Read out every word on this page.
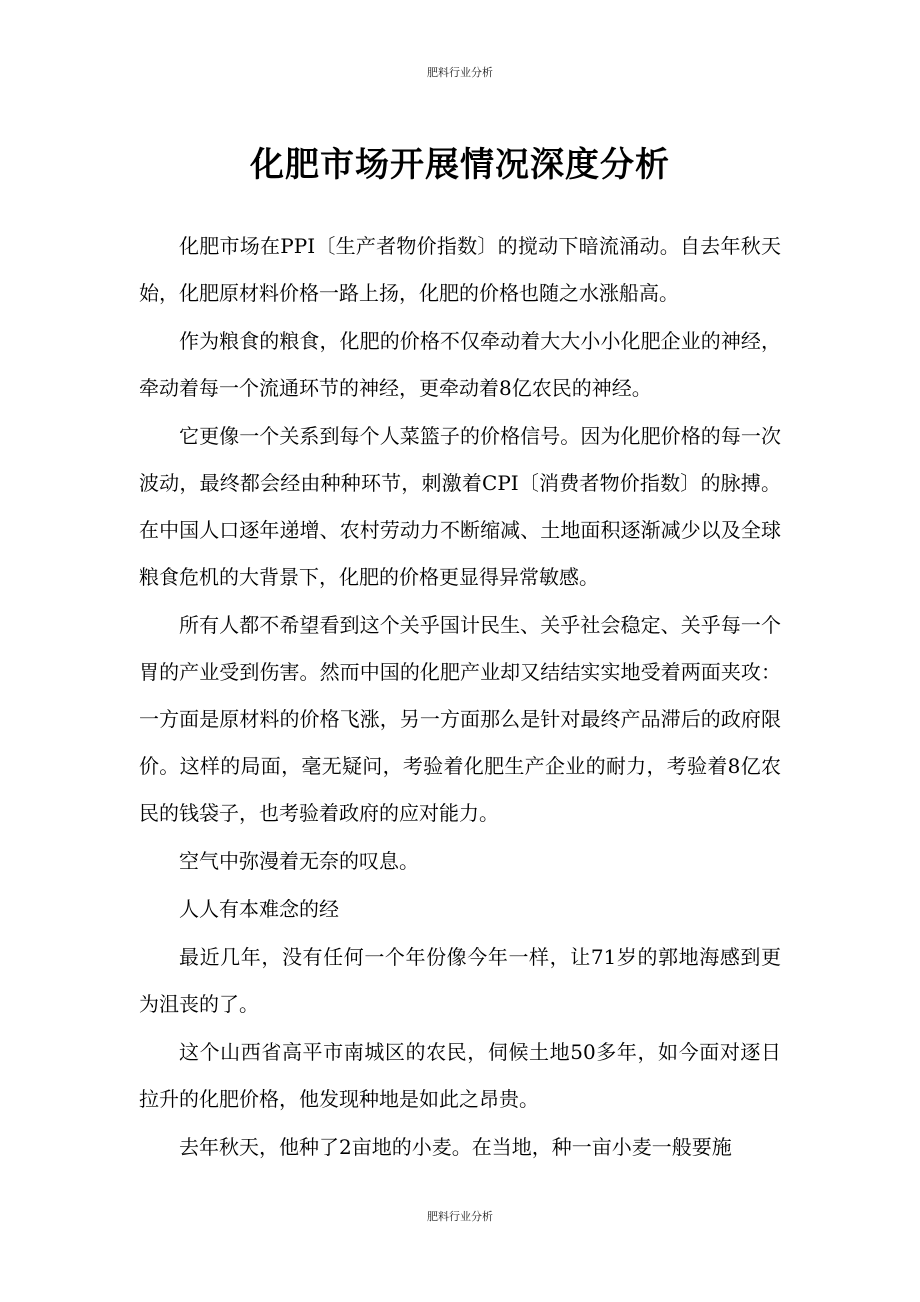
肥料行业分析
化肥市场开展情况深度分析

化肥市场在PPI〔生产者物价指数〕的搅动下暗流涌动。自去年秋天始，化肥原材料价格一路上扬，化肥的价格也随之水涨船高。

作为粮食的粮食，化肥的价格不仅牵动着大大小小化肥企业的神经，牵动着每一个流通环节的神经，更牵动着8亿农民的神经。

它更像一个关系到每个人菜篮子的价格信号。因为化肥价格的每一次波动，最终都会经由种种环节，刺激着CPI〔消费者物价指数〕的脉搏。在中国人口逐年递增、农村劳动力不断缩减、土地面积逐渐减少以及全球粮食危机的大背景下，化肥的价格更显得异常敏感。

所有人都不希望看到这个关乎国计民生、关乎社会稳定、关乎每一个胃的产业受到伤害。然而中国的化肥产业却又结结实实地受着两面夹攻：一方面是原材料的价格飞涨，另一方面那么是针对最终产品滞后的政府限价。这样的局面，毫无疑问，考验着化肥生产企业的耐力，考验着8亿农民的钱袋子，也考验着政府的应对能力。

空气中弥漫着无奈的叹息。

人人有本难念的经

最近几年，没有任何一个年份像今年一样，让71岁的郭地海感到更为沮丧的了。

这个山西省高平市南城区的农民，伺候土地50多年，如今面对逐日拉升的化肥价格，他发现种地是如此之昂贵。

去年秋天，他种了2亩地的小麦。在当地，种一亩小麦一般要施

肥料行业分析
